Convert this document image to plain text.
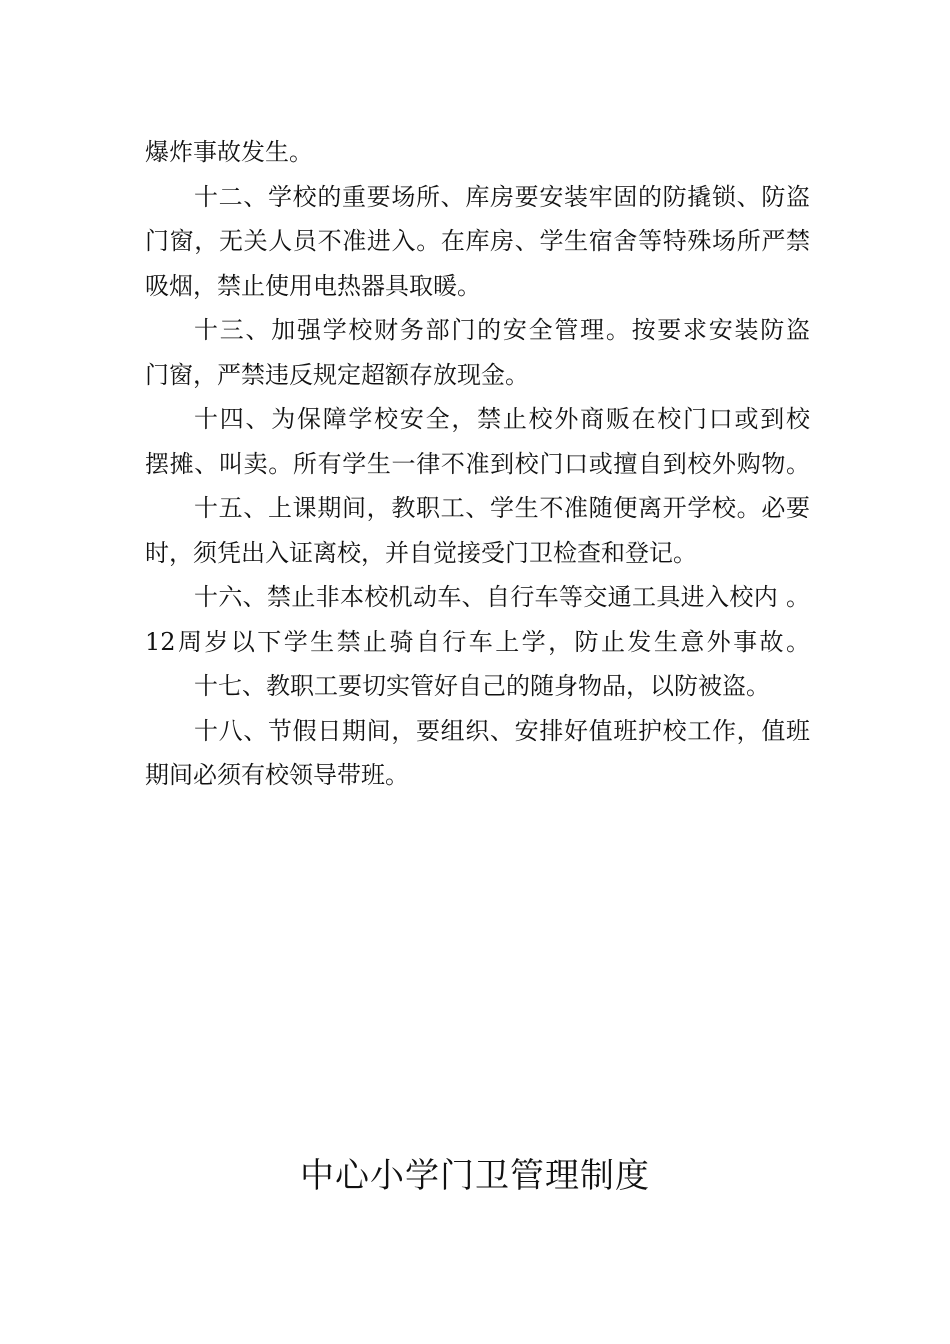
爆炸事故发生。
十二、学校的重要场所、库房要安装牢固的防撬锁、防盗
门窗，无关人员不准进入。在库房、学生宿舍等特殊场所严禁
吸烟，禁止使用电热器具取暖。
十三、加强学校财务部门的安全管理。按要求安装防盗
门窗，严禁违反规定超额存放现金。
十四、为保障学校安全，禁止校外商贩在校门口或到校
摆摊、叫卖。所有学生一律不准到校门口或擅自到校外购物。
十五、上课期间，教职工、学生不准随便离开学校。必要
时，须凭出入证离校，并自觉接受门卫检查和登记。
十六、禁止非本校机动车、自行车等交通工具进入校内 。
12周岁以下学生禁止骑自行车上学，防止发生意外事故。
十七、教职工要切实管好自己的随身物品，以防被盗。
十八、节假日期间，要组织、安排好值班护校工作，值班
期间必须有校领导带班。
中心小学门卫管理制度
